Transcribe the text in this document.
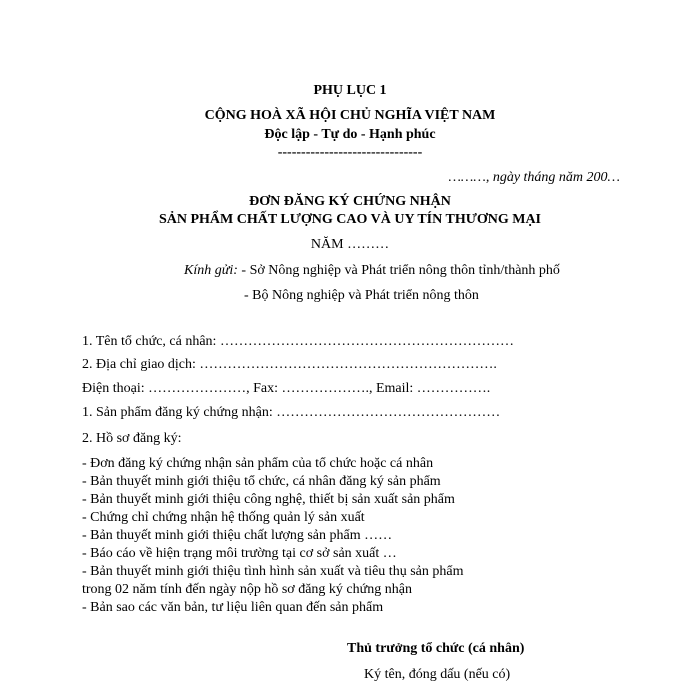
PHỤ LỤC 1
CỘNG HOÀ XÃ HỘI CHỦ NGHĨA VIỆT NAM
Độc lập - Tự do - Hạnh phúc
-------------------------------
………, ngày tháng năm 200…
ĐƠN ĐĂNG KÝ CHỨNG NHẬN
SẢN PHẨM CHẤT LƯỢNG CAO VÀ UY TÍN THƯƠNG MẠI
NĂM ………
Kính gửi: - Sở Nông nghiệp và Phát triển nông thôn tỉnh/thành phố
- Bộ Nông nghiệp và Phát triển nông thôn
1. Tên tổ chức, cá nhân: ………………………………………………………
2. Địa chỉ giao dịch: ……………………………………………………….
Điện thoại: …………………, Fax: ………………., Email: …………….
1. Sản phẩm đăng ký chứng nhận: …………………………………………
2. Hồ sơ đăng ký:
- Đơn đăng ký chứng nhận sản phẩm của tổ chức hoặc cá nhân
- Bản thuyết minh giới thiệu tổ chức, cá nhân đăng ký sản phẩm
- Bản thuyết minh giới thiệu công nghệ, thiết bị sản xuất sản phẩm
- Chứng chỉ chứng nhận hệ thống quản lý sản xuất
- Bản thuyết minh giới thiệu chất lượng sản phẩm ……
- Báo cáo về hiện trạng môi trường tại cơ sở sản xuất …
- Bản thuyết minh giới thiệu tình hình sản xuất và tiêu thụ sản phẩm
trong 02 năm tính đến ngày nộp hồ sơ đăng ký chứng nhận
- Bản sao các văn bản, tư liệu liên quan đến sản phẩm
Thủ trưởng tổ chức (cá nhân)
Ký tên, đóng dấu (nếu có)
